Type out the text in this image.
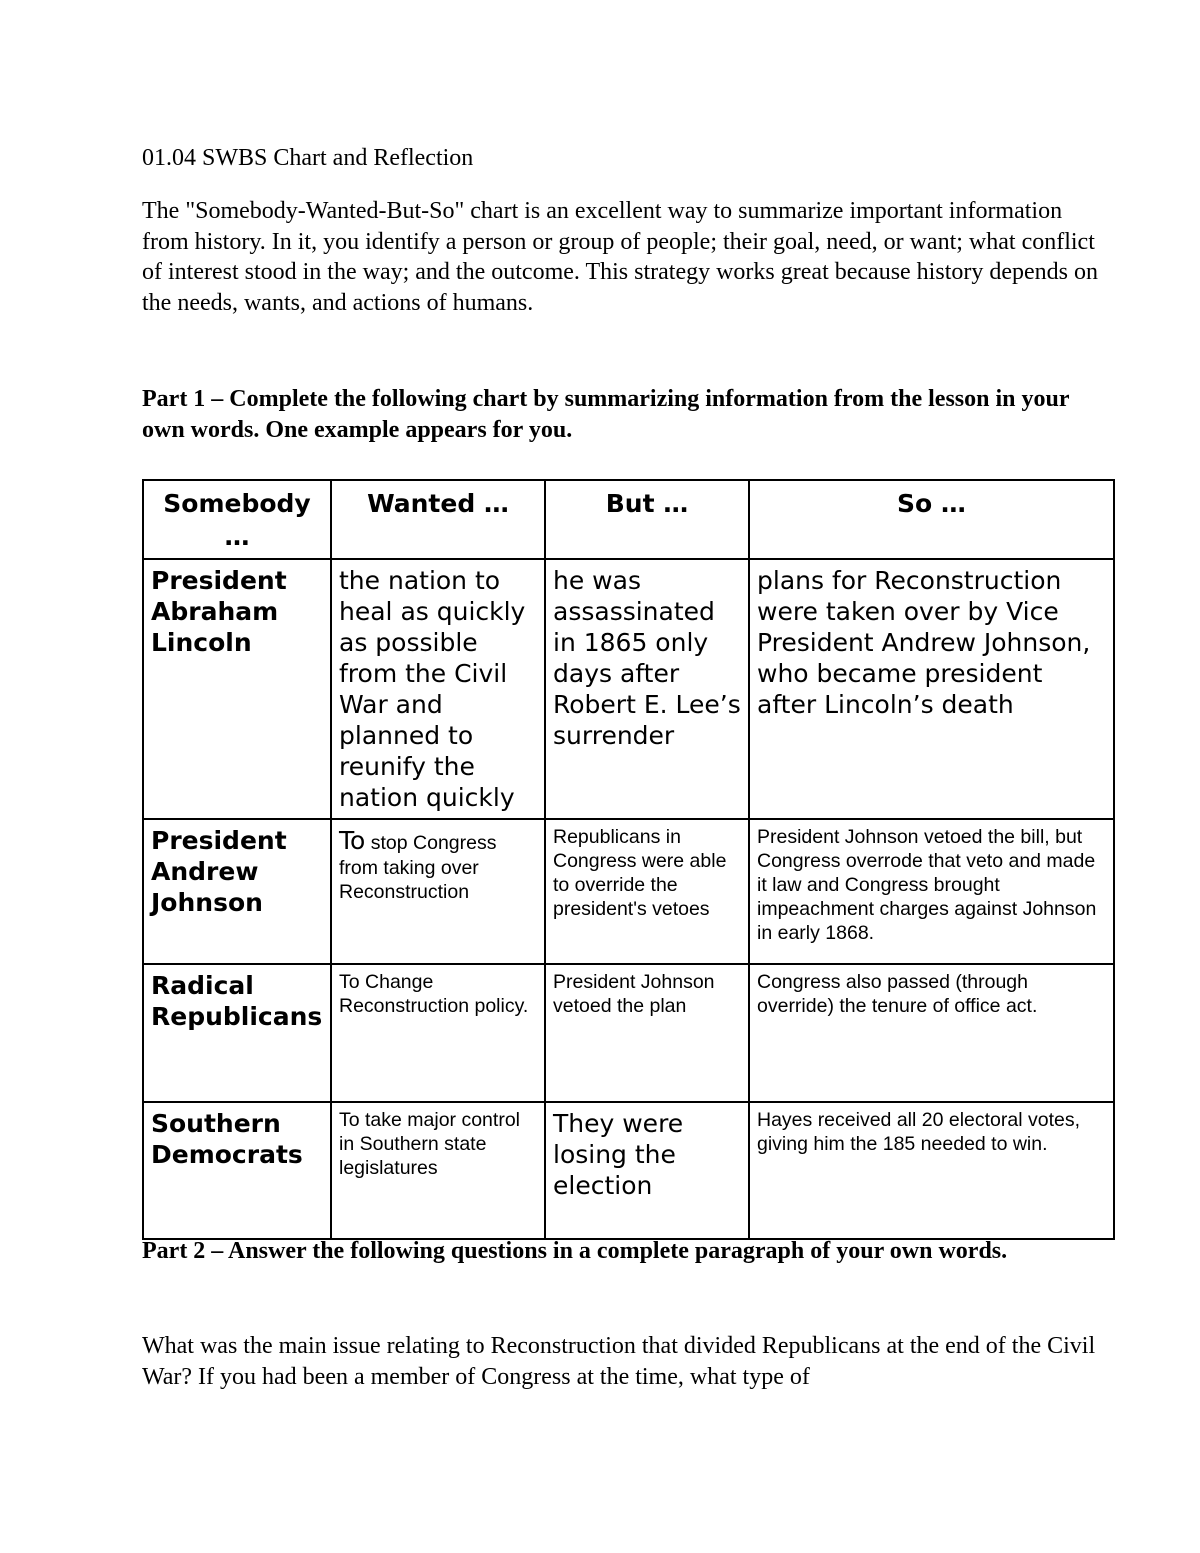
01.04 SWBS Chart and Reflection
The "Somebody-Wanted-But-So" chart is an excellent way to summarize important information from history. In it, you identify a person or group of people; their goal, need, or want; what conflict of interest stood in the way; and the outcome. This strategy works great because history depends on the needs, wants, and actions of humans.
Part 1 – Complete the following chart by summarizing information from the lesson in your own words. One example appears for you.
Somebody …	Wanted …	But …	So …
President Abraham Lincoln	the nation to heal as quickly as possible from the Civil War and planned to reunify the nation quickly	he was assassinated in 1865 only days after Robert E. Lee’s surrender	plans for Reconstruction were taken over by Vice President Andrew Johnson, who became president after Lincoln’s death
President Andrew Johnson	To stop Congress from taking over Reconstruction	Republicans in Congress were able to override the president's vetoes	President Johnson vetoed the bill, but Congress overrode that veto and made it law and Congress brought impeachment charges against Johnson in early 1868.
Radical Republicans	To Change Reconstruction policy.	President Johnson vetoed the plan	Congress also passed (through override) the tenure of office act.
Southern Democrats	To take major control in Southern state legislatures	They were losing the election	Hayes received all 20 electoral votes, giving him the 185 needed to win.
Part 2 – Answer the following questions in a complete paragraph of your own words.
What was the main issue relating to Reconstruction that divided Republicans at the end of the Civil War? If you had been a member of Congress at the time, what type of
